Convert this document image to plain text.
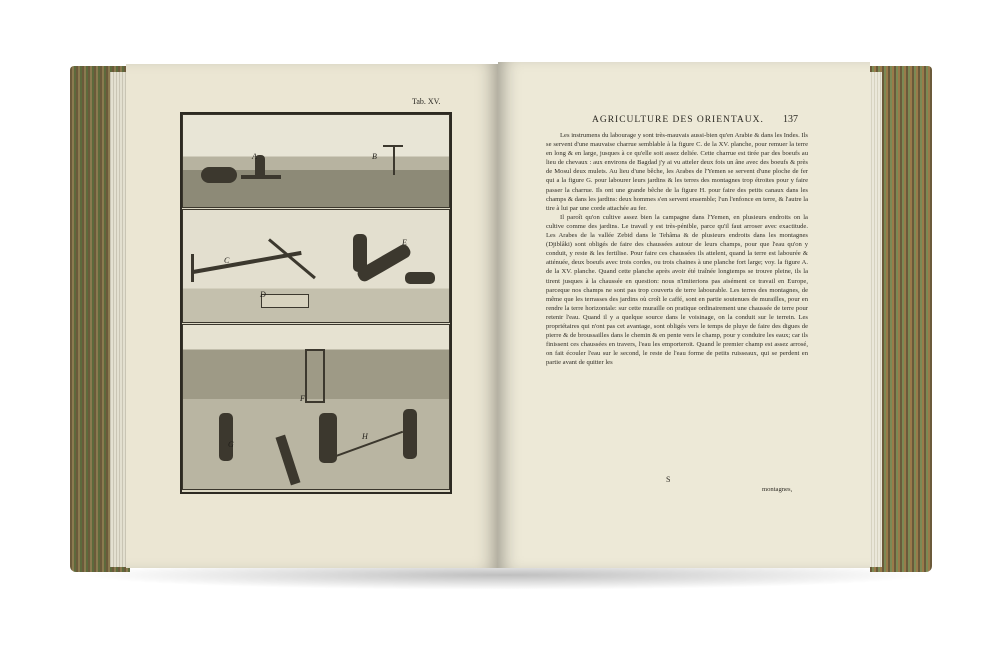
Tab. XV.
A	B
C
D
E
F
G
H
AGRICULTURE DES ORIENTAUX. 137

Les instrumens du labourage y sont très-mauvais aussi-bien qu'en Arabie & dans les Indes. Ils se servent d'une mauvaise charrue semblable à la figure C. de la XV. planche, pour remuer la terre en long & en large, jusques à ce qu'elle soit assez deliée. Cette charrue est tirée par des boeufs au lieu de chevaux : aux environs de Bagdad j'y ai vu atteler deux fois un âne avec des boeufs & près de Mosul deux mulets. Au lieu d'une bêche, les Arabes de l'Yemen se servent d'une ploche de fer qui a la figure G. pour labourer leurs jardins & les terres des montagnes trop étroites pour y faire passer la charrue. Ils ont une grande bêche de la figure H. pour faire des petits canaux dans les champs & dans les jardins: deux hommes s'en servent ensemble; l'un l'enfonce en terre, & l'autre la tire à lui par une corde attachée au fer.

Il paroît qu'on cultive assez bien la campagne dans l'Yemen, en plusieurs endroits on la cultive comme des jardins. Le travail y est très-pénible, parce qu'il faut arroser avec exactitude. Les Arabes de la vallée Zebid dans le Tehâma & de plusieurs endroits dans les montagnes (Djiblâki) sont obligés de faire des chaussées autour de leurs champs, pour que l'eau qu'on y conduit, y reste & les fertilise. Pour faire ces chaussées ils attelent, quand la terre est labourée & atténuée, deux boeufs avec trois cordes, ou trois chaines à une planche fort large; voy. la figure A. de la XV. planche. Quand cette planche après avoir été traînée longtemps se trouve pleine, ils la tirent jusques à la chaussée en question: nous n'imiterions pas aisément ce travail en Europe, parceque nos champs ne sont pas trop couverts de terre labourable. Les terres des montagnes, de même que les terrasses des jardins où croît le caffé, sont en partie soutenues de murailles, pour en rendre la terre horizontale: sur cette muraille on pratique ordinairement une chaussée de terre pour retenir l'eau. Quand il y a quelque source dans le voisinage, on la conduit sur le terrein. Les propriétaires qui n'ont pas cet avantage, sont obligés vers le temps de pluye de faire des digues de pierre & de broussailles dans le chemin & en pente vers le champ, pour y conduire les eaux; car ils finissent ces chaussées en travers, l'eau les emporteroit. Quand le premier champ est assez arrosé, on fait écouler l'eau sur le second, le reste de l'eau forme de petits ruisseaux, qui se perdent en partie avant de quitter les

S
montagnes,
